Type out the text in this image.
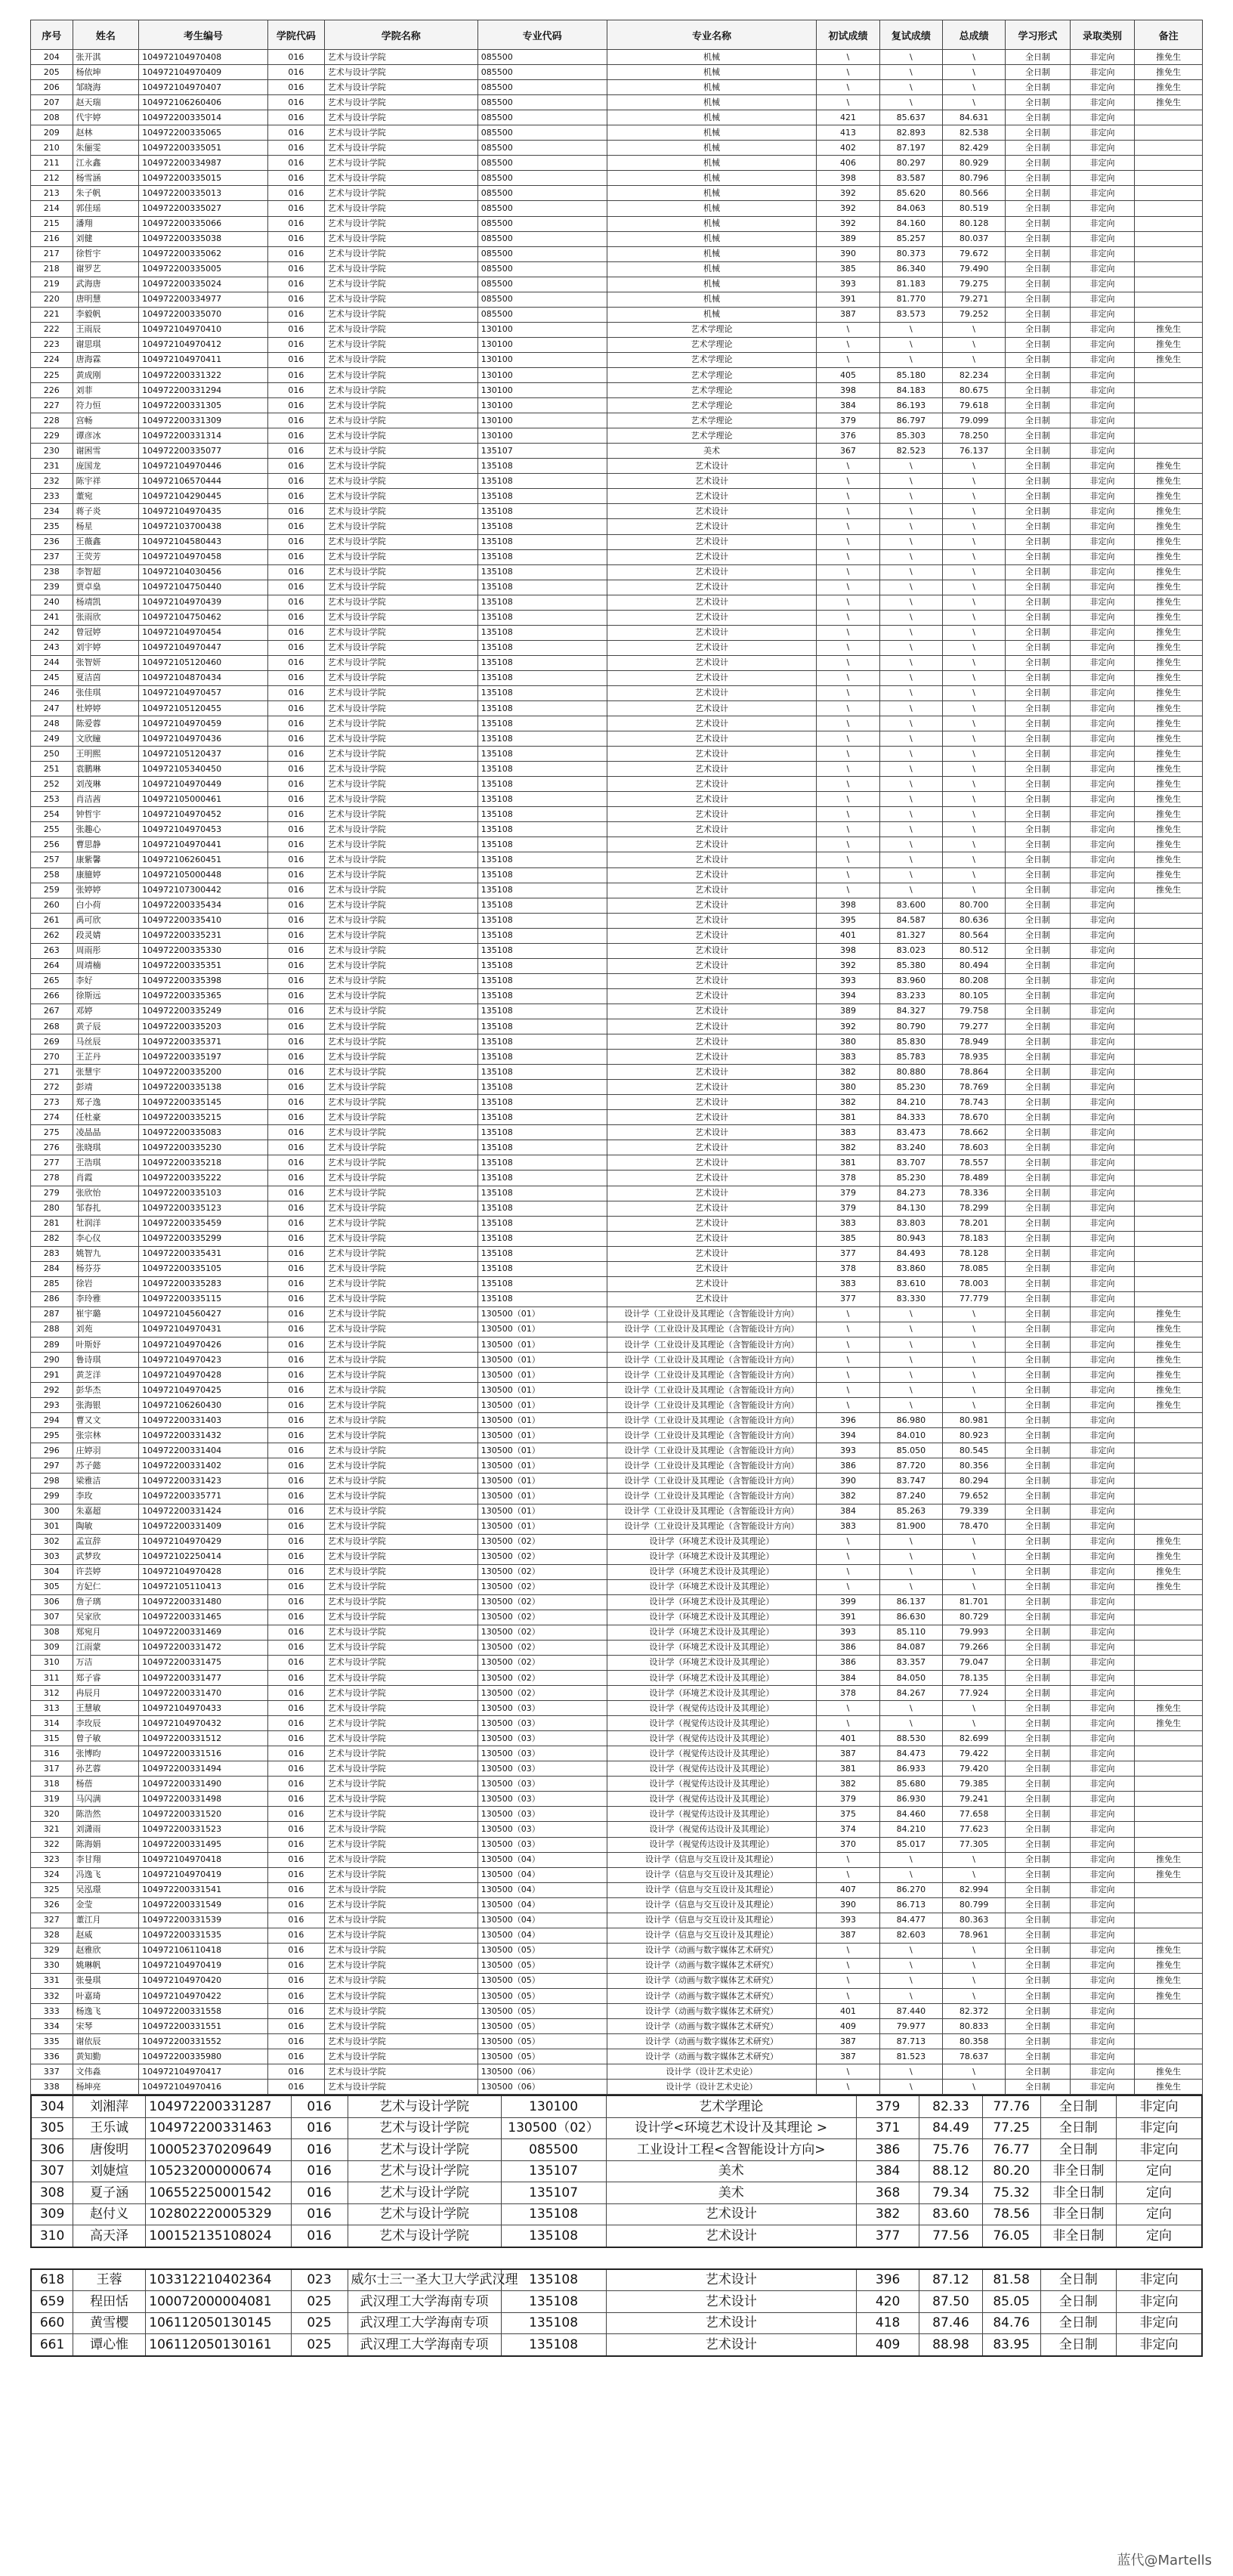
序号	姓名	考生编号	学院代码	学院名称	专业代码	专业名称	初试成绩	复试成绩	总成绩	学习形式	录取类别	备注
204	张开淇	104972104970408	016	艺术与设计学院	085500	机械	\	\	\	全日制	非定向	推免生
205	杨依坤	104972104970409	016	艺术与设计学院	085500	机械	\	\	\	全日制	非定向	推免生
206	邹晓海	104972104970407	016	艺术与设计学院	085500	机械	\	\	\	全日制	非定向	推免生
207	赵天瑞	104972106260406	016	艺术与设计学院	085500	机械	\	\	\	全日制	非定向	推免生
208	代宇婷	104972200335014	016	艺术与设计学院	085500	机械	421	85.637	84.631	全日制	非定向	
209	赵林	104972200335065	016	艺术与设计学院	085500	机械	413	82.893	82.538	全日制	非定向	
210	朱俪雯	104972200335051	016	艺术与设计学院	085500	机械	402	87.197	82.429	全日制	非定向	
211	江永鑫	104972200334987	016	艺术与设计学院	085500	机械	406	80.297	80.929	全日制	非定向	
212	杨雪涵	104972200335015	016	艺术与设计学院	085500	机械	398	83.587	80.796	全日制	非定向	
213	朱子帆	104972200335013	016	艺术与设计学院	085500	机械	392	85.620	80.566	全日制	非定向	
214	郭佳瑶	104972200335027	016	艺术与设计学院	085500	机械	392	84.063	80.519	全日制	非定向	
215	潘翔	104972200335066	016	艺术与设计学院	085500	机械	392	84.160	80.128	全日制	非定向	
216	刘健	104972200335038	016	艺术与设计学院	085500	机械	389	85.257	80.037	全日制	非定向	
217	徐哲宇	104972200335062	016	艺术与设计学院	085500	机械	390	80.373	79.672	全日制	非定向	
218	谢罗艺	104972200335005	016	艺术与设计学院	085500	机械	385	86.340	79.490	全日制	非定向	
219	武海唐	104972200335024	016	艺术与设计学院	085500	机械	393	81.183	79.275	全日制	非定向	
220	唐明慧	104972200334977	016	艺术与设计学院	085500	机械	391	81.770	79.271	全日制	非定向	
221	李毅帆	104972200335070	016	艺术与设计学院	085500	机械	387	83.573	79.252	全日制	非定向	
222	王雨辰	104972104970410	016	艺术与设计学院	130100	艺术学理论	\	\	\	全日制	非定向	推免生
223	谢思琪	104972104970412	016	艺术与设计学院	130100	艺术学理论	\	\	\	全日制	非定向	推免生
224	唐海霖	104972104970411	016	艺术与设计学院	130100	艺术学理论	\	\	\	全日制	非定向	推免生
225	黄成刚	104972200331322	016	艺术与设计学院	130100	艺术学理论	405	85.180	82.234	全日制	非定向	
226	刘菲	104972200331294	016	艺术与设计学院	130100	艺术学理论	398	84.183	80.675	全日制	非定向	
227	符力恒	104972200331305	016	艺术与设计学院	130100	艺术学理论	384	86.193	79.618	全日制	非定向	
228	宫畅	104972200331309	016	艺术与设计学院	130100	艺术学理论	379	86.797	79.099	全日制	非定向	
229	谭彦冰	104972200331314	016	艺术与设计学院	130100	艺术学理论	376	85.303	78.250	全日制	非定向	
230	谢困雪	104972200335077	016	艺术与设计学院	135107	美术	367	82.523	76.137	全日制	非定向	
231	庞国龙	104972104970446	016	艺术与设计学院	135108	艺术设计	\	\	\	全日制	非定向	推免生
232	陈宇祥	104972106570444	016	艺术与设计学院	135108	艺术设计	\	\	\	全日制	非定向	推免生
233	董宛	104972104290445	016	艺术与设计学院	135108	艺术设计	\	\	\	全日制	非定向	推免生
234	蒋子炎	104972104970435	016	艺术与设计学院	135108	艺术设计	\	\	\	全日制	非定向	推免生
235	杨星	104972103700438	016	艺术与设计学院	135108	艺术设计	\	\	\	全日制	非定向	推免生
236	王薇鑫	104972104580443	016	艺术与设计学院	135108	艺术设计	\	\	\	全日制	非定向	推免生
237	王荧芳	104972104970458	016	艺术与设计学院	135108	艺术设计	\	\	\	全日制	非定向	推免生
238	李智超	104972104030456	016	艺术与设计学院	135108	艺术设计	\	\	\	全日制	非定向	推免生
239	贾卓燊	104972104750440	016	艺术与设计学院	135108	艺术设计	\	\	\	全日制	非定向	推免生
240	杨靖凯	104972104970439	016	艺术与设计学院	135108	艺术设计	\	\	\	全日制	非定向	推免生
241	张雨欣	104972104750462	016	艺术与设计学院	135108	艺术设计	\	\	\	全日制	非定向	推免生
242	曾冠婷	104972104970454	016	艺术与设计学院	135108	艺术设计	\	\	\	全日制	非定向	推免生
243	刘宇婷	104972104970447	016	艺术与设计学院	135108	艺术设计	\	\	\	全日制	非定向	推免生
244	张智妍	104972105120460	016	艺术与设计学院	135108	艺术设计	\	\	\	全日制	非定向	推免生
245	夏洁茵	104972104870434	016	艺术与设计学院	135108	艺术设计	\	\	\	全日制	非定向	推免生
246	张佳琪	104972104970457	016	艺术与设计学院	135108	艺术设计	\	\	\	全日制	非定向	推免生
247	杜婷婷	104972105120455	016	艺术与设计学院	135108	艺术设计	\	\	\	全日制	非定向	推免生
248	陈爱蓉	104972104970459	016	艺术与设计学院	135108	艺术设计	\	\	\	全日制	非定向	推免生
249	文欣瞳	104972104970436	016	艺术与设计学院	135108	艺术设计	\	\	\	全日制	非定向	推免生
250	王明熙	104972105120437	016	艺术与设计学院	135108	艺术设计	\	\	\	全日制	非定向	推免生
251	袁鹏琳	104972105340450	016	艺术与设计学院	135108	艺术设计	\	\	\	全日制	非定向	推免生
252	刘茂琳	104972104970449	016	艺术与设计学院	135108	艺术设计	\	\	\	全日制	非定向	推免生
253	肖洁茜	104972105000461	016	艺术与设计学院	135108	艺术设计	\	\	\	全日制	非定向	推免生
254	钟哲宇	104972104970452	016	艺术与设计学院	135108	艺术设计	\	\	\	全日制	非定向	推免生
255	张趣心	104972104970453	016	艺术与设计学院	135108	艺术设计	\	\	\	全日制	非定向	推免生
256	曹思静	104972104970441	016	艺术与设计学院	135108	艺术设计	\	\	\	全日制	非定向	推免生
257	康紫馨	104972106260451	016	艺术与设计学院	135108	艺术设计	\	\	\	全日制	非定向	推免生
258	康臆婷	104972105000448	016	艺术与设计学院	135108	艺术设计	\	\	\	全日制	非定向	推免生
259	张婷婷	104972107300442	016	艺术与设计学院	135108	艺术设计	\	\	\	全日制	非定向	推免生
260	白小荷	104972200335434	016	艺术与设计学院	135108	艺术设计	398	83.600	80.700	全日制	非定向	
261	禹可欣	104972200335410	016	艺术与设计学院	135108	艺术设计	395	84.587	80.636	全日制	非定向	
262	段灵婧	104972200335231	016	艺术与设计学院	135108	艺术设计	401	81.327	80.564	全日制	非定向	
263	周雨彤	104972200335330	016	艺术与设计学院	135108	艺术设计	398	83.023	80.512	全日制	非定向	
264	周靖楠	104972200335351	016	艺术与设计学院	135108	艺术设计	392	85.380	80.494	全日制	非定向	
265	李好	104972200335398	016	艺术与设计学院	135108	艺术设计	393	83.960	80.208	全日制	非定向	
266	徐斯远	104972200335365	016	艺术与设计学院	135108	艺术设计	394	83.233	80.105	全日制	非定向	
267	邓婷	104972200335249	016	艺术与设计学院	135108	艺术设计	389	84.327	79.758	全日制	非定向	
268	黄子辰	104972200335203	016	艺术与设计学院	135108	艺术设计	392	80.790	79.277	全日制	非定向	
269	马丝辰	104972200335371	016	艺术与设计学院	135108	艺术设计	380	85.830	78.949	全日制	非定向	
270	王芷丹	104972200335197	016	艺术与设计学院	135108	艺术设计	383	85.783	78.935	全日制	非定向	
271	张慧宇	104972200335200	016	艺术与设计学院	135108	艺术设计	382	80.880	78.864	全日制	非定向	
272	彭靖	104972200335138	016	艺术与设计学院	135108	艺术设计	380	85.230	78.769	全日制	非定向	
273	郑子逸	104972200335145	016	艺术与设计学院	135108	艺术设计	382	84.210	78.743	全日制	非定向	
274	任杜豪	104972200335215	016	艺术与设计学院	135108	艺术设计	381	84.333	78.670	全日制	非定向	
275	凌晶晶	104972200335083	016	艺术与设计学院	135108	艺术设计	383	83.473	78.662	全日制	非定向	
276	张晓琪	104972200335230	016	艺术与设计学院	135108	艺术设计	382	83.240	78.603	全日制	非定向	
277	王浩琪	104972200335218	016	艺术与设计学院	135108	艺术设计	381	83.707	78.557	全日制	非定向	
278	肖霞	104972200335222	016	艺术与设计学院	135108	艺术设计	378	85.230	78.489	全日制	非定向	
279	张欣怡	104972200335103	016	艺术与设计学院	135108	艺术设计	379	84.273	78.336	全日制	非定向	
280	邹春扎	104972200335123	016	艺术与设计学院	135108	艺术设计	379	84.130	78.299	全日制	非定向	
281	杜润洋	104972200335459	016	艺术与设计学院	135108	艺术设计	383	83.803	78.201	全日制	非定向	
282	李心仪	104972200335299	016	艺术与设计学院	135108	艺术设计	385	80.943	78.183	全日制	非定向	
283	姚智九	104972200335431	016	艺术与设计学院	135108	艺术设计	377	84.493	78.128	全日制	非定向	
284	杨芬芬	104972200335105	016	艺术与设计学院	135108	艺术设计	378	83.860	78.085	全日制	非定向	
285	徐岩	104972200335283	016	艺术与设计学院	135108	艺术设计	383	83.610	78.003	全日制	非定向	
286	李玲雅	104972200335115	016	艺术与设计学院	135108	艺术设计	377	83.330	77.779	全日制	非定向	
287	崔宇璐	104972104560427	016	艺术与设计学院	130500（01）	设计学（工业设计及其理论（含智能设计方向）	\	\	\	全日制	非定向	推免生
288	刘苑	104972104970431	016	艺术与设计学院	130500（01）	设计学（工业设计及其理论（含智能设计方向）	\	\	\	全日制	非定向	推免生
289	叶斯妤	104972104970426	016	艺术与设计学院	130500（01）	设计学（工业设计及其理论（含智能设计方向）	\	\	\	全日制	非定向	推免生
290	鲁诗琪	104972104970423	016	艺术与设计学院	130500（01）	设计学（工业设计及其理论（含智能设计方向）	\	\	\	全日制	非定向	推免生
291	黄芝洋	104972104970428	016	艺术与设计学院	130500（01）	设计学（工业设计及其理论（含智能设计方向）	\	\	\	全日制	非定向	推免生
292	彭华杰	104972104970425	016	艺术与设计学院	130500（01）	设计学（工业设计及其理论（含智能设计方向）	\	\	\	全日制	非定向	推免生
293	张海银	104972106260430	016	艺术与设计学院	130500（01）	设计学（工业设计及其理论（含智能设计方向）	\	\	\	全日制	非定向	推免生
294	曹又文	104972200331403	016	艺术与设计学院	130500（01）	设计学（工业设计及其理论（含智能设计方向）	396	86.980	80.981	全日制	非定向	
295	张宗林	104972200331432	016	艺术与设计学院	130500（01）	设计学（工业设计及其理论（含智能设计方向）	394	84.010	80.923	全日制	非定向	
296	庄婷羽	104972200331404	016	艺术与设计学院	130500（01）	设计学（工业设计及其理论（含智能设计方向）	393	85.050	80.545	全日制	非定向	
297	苏子懿	104972200331402	016	艺术与设计学院	130500（01）	设计学（工业设计及其理论（含智能设计方向）	386	87.720	80.356	全日制	非定向	
298	梁雅洁	104972200331423	016	艺术与设计学院	130500（01）	设计学（工业设计及其理论（含智能设计方向）	390	83.747	80.294	全日制	非定向	
299	李玫	104972200335771	016	艺术与设计学院	130500（01）	设计学（工业设计及其理论（含智能设计方向）	382	87.240	79.652	全日制	非定向	
300	朱嘉超	104972200331424	016	艺术与设计学院	130500（01）	设计学（工业设计及其理论（含智能设计方向）	384	85.263	79.339	全日制	非定向	
301	陶敏	104972200331409	016	艺术与设计学院	130500（01）	设计学（工业设计及其理论（含智能设计方向）	383	81.900	78.470	全日制	非定向	
302	孟宣辞	104972104970429	016	艺术与设计学院	130500（02）	设计学（环境艺术设计及其理论）	\	\	\	全日制	非定向	推免生
303	武梦玫	104972102250414	016	艺术与设计学院	130500（02）	设计学（环境艺术设计及其理论）	\	\	\	全日制	非定向	推免生
304	许芸婷	104972104970428	016	艺术与设计学院	130500（02）	设计学（环境艺术设计及其理论）	\	\	\	全日制	非定向	推免生
305	方妃仁	104972105110413	016	艺术与设计学院	130500（02）	设计学（环境艺术设计及其理论）	\	\	\	全日制	非定向	推免生
306	詹子璃	104972200331480	016	艺术与设计学院	130500（02）	设计学（环境艺术设计及其理论）	399	86.137	81.701	全日制	非定向	
307	吴家欣	104972200331465	016	艺术与设计学院	130500（02）	设计学（环境艺术设计及其理论）	391	86.630	80.729	全日制	非定向	
308	郑宛月	104972200331469	016	艺术与设计学院	130500（02）	设计学（环境艺术设计及其理论）	393	85.110	79.993	全日制	非定向	
309	江雨蒙	104972200331472	016	艺术与设计学院	130500（02）	设计学（环境艺术设计及其理论）	386	84.087	79.266	全日制	非定向	
310	万洁	104972200331475	016	艺术与设计学院	130500（02）	设计学（环境艺术设计及其理论）	386	83.357	79.047	全日制	非定向	
311	郑子睿	104972200331477	016	艺术与设计学院	130500（02）	设计学（环境艺术设计及其理论）	384	84.050	78.135	全日制	非定向	
312	冉辰月	104972200331470	016	艺术与设计学院	130500（02）	设计学（环境艺术设计及其理论）	378	84.267	77.924	全日制	非定向	
313	王慧敏	104972104970433	016	艺术与设计学院	130500（03）	设计学（视觉传达设计及其理论）	\	\	\	全日制	非定向	推免生
314	李玫辰	104972104970432	016	艺术与设计学院	130500（03）	设计学（视觉传达设计及其理论）	\	\	\	全日制	非定向	推免生
315	曾子敏	104972200331512	016	艺术与设计学院	130500（03）	设计学（视觉传达设计及其理论）	401	88.530	82.699	全日制	非定向	
316	张博昀	104972200331516	016	艺术与设计学院	130500（03）	设计学（视觉传达设计及其理论）	387	84.473	79.422	全日制	非定向	
317	孙艺蓉	104972200331494	016	艺术与设计学院	130500（03）	设计学（视觉传达设计及其理论）	381	86.933	79.420	全日制	非定向	
318	杨蓓	104972200331490	016	艺术与设计学院	130500（03）	设计学（视觉传达设计及其理论）	382	85.680	79.385	全日制	非定向	
319	马闪满	104972200331498	016	艺术与设计学院	130500（03）	设计学（视觉传达设计及其理论）	379	86.930	79.241	全日制	非定向	
320	陈浩然	104972200331520	016	艺术与设计学院	130500（03）	设计学（视觉传达设计及其理论）	375	84.460	77.658	全日制	非定向	
321	刘潇雨	104972200331523	016	艺术与设计学院	130500（03）	设计学（视觉传达设计及其理论）	374	84.210	77.623	全日制	非定向	
322	陈海娟	104972200331495	016	艺术与设计学院	130500（03）	设计学（视觉传达设计及其理论）	370	85.017	77.305	全日制	非定向	
323	李甘翔	104972104970418	016	艺术与设计学院	130500（04）	设计学（信息与交互设计及其理论）	\	\	\	全日制	非定向	推免生
324	冯逸飞	104972104970419	016	艺术与设计学院	130500（04）	设计学（信息与交互设计及其理论）	\	\	\	全日制	非定向	推免生
325	吴泓璟	104972200331541	016	艺术与设计学院	130500（04）	设计学（信息与交互设计及其理论）	407	86.270	82.994	全日制	非定向	
326	金莹	104972200331549	016	艺术与设计学院	130500（04）	设计学（信息与交互设计及其理论）	390	86.713	80.799	全日制	非定向	
327	董江月	104972200331539	016	艺术与设计学院	130500（04）	设计学（信息与交互设计及其理论）	393	84.477	80.363	全日制	非定向	
328	赵威	104972200331535	016	艺术与设计学院	130500（04）	设计学（信息与交互设计及其理论）	387	82.603	78.961	全日制	非定向	
329	赵雅欣	104972106110418	016	艺术与设计学院	130500（05）	设计学（动画与数字媒体艺术研究）	\	\	\	全日制	非定向	推免生
330	姚琳帆	104972104970419	016	艺术与设计学院	130500（05）	设计学（动画与数字媒体艺术研究）	\	\	\	全日制	非定向	推免生
331	张曼琪	104972104970420	016	艺术与设计学院	130500（05）	设计学（动画与数字媒体艺术研究）	\	\	\	全日制	非定向	推免生
332	叶嘉琦	104972104970422	016	艺术与设计学院	130500（05）	设计学（动画与数字媒体艺术研究）	\	\	\	全日制	非定向	推免生
333	杨逸飞	104972200331558	016	艺术与设计学院	130500（05）	设计学（动画与数字媒体艺术研究）	401	87.440	82.372	全日制	非定向	
334	宋琴	104972200331551	016	艺术与设计学院	130500（05）	设计学（动画与数字媒体艺术研究）	409	79.977	80.833	全日制	非定向	
335	谢依辰	104972200331552	016	艺术与设计学院	130500（05）	设计学（动画与数字媒体艺术研究）	387	87.713	80.358	全日制	非定向	
336	黄知勤	104972200335980	016	艺术与设计学院	130500（05）	设计学（动画与数字媒体艺术研究）	387	81.523	78.637	全日制	非定向	
337	文伟淼	104972104970417	016	艺术与设计学院	130500（06）	设计学（设计艺术史论）	\	\	\	全日制	非定向	推免生
338	杨坤亮	104972104970416	016	艺术与设计学院	130500（06）	设计学（设计艺术史论）	\	\	\	全日制	非定向	推免生
304	刘湘萍	104972200331287	016	艺术与设计学院	130100	艺术学理论	379	82.33	77.76	全日制	非定向
305	王乐诚	104972200331463	016	艺术与设计学院	130500（02）	设计学<环境艺术设计及其理论 >	371	84.49	77.25	全日制	非定向
306	唐俊明	100052370209649	016	艺术与设计学院	085500	工业设计工程<含智能设计方向>	386	75.76	76.77	全日制	非定向
307	刘婕煊	105232000000674	016	艺术与设计学院	135107	美术	384	88.12	80.20	非全日制	定向
308	夏子涵	106552250001542	016	艺术与设计学院	135107	美术	368	79.34	75.32	非全日制	定向
309	赵付义	102802220005329	016	艺术与设计学院	135108	艺术设计	382	83.60	78.56	非全日制	定向
310	高天泽	100152135108024	016	艺术与设计学院	135108	艺术设计	377	77.56	76.05	非全日制	定向
618	王蓉	103312210402364	023	威尔士三一圣大卫大学武汉理	135108	艺术设计	396	87.12	81.58	全日制	非定向
659	程田恬	100072000004081	025	武汉理工大学海南专项	135108	艺术设计	420	87.50	85.05	全日制	非定向
660	黄雪樱	106112050130145	025	武汉理工大学海南专项	135108	艺术设计	418	87.46	84.76	全日制	非定向
661	谭心惟	106112050130161	025	武汉理工大学海南专项	135108	艺术设计	409	88.98	83.95	全日制	非定向
蓝代@Martells
